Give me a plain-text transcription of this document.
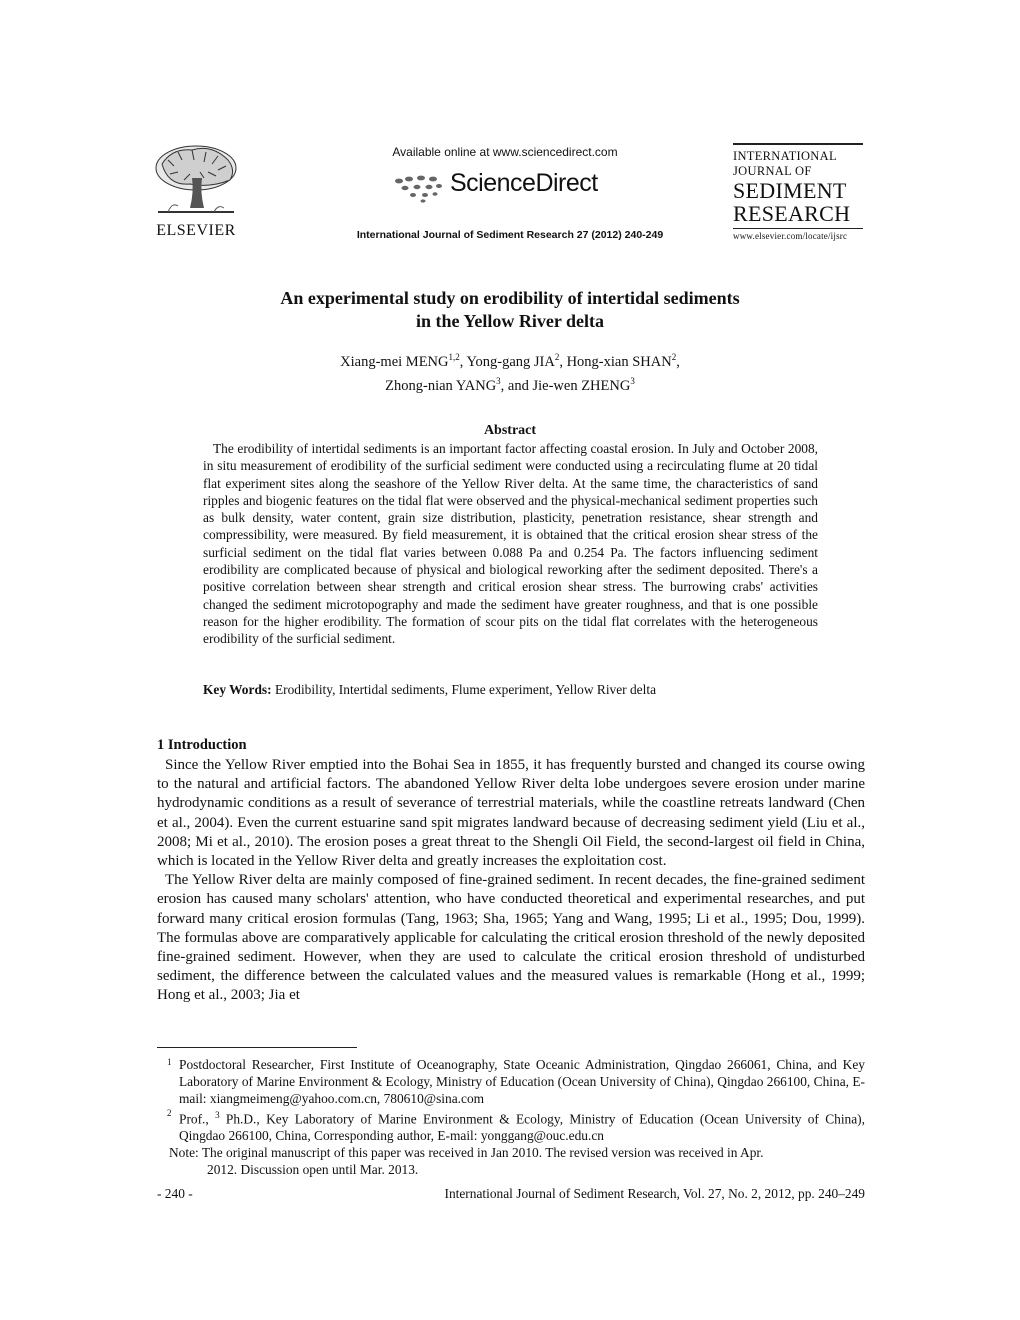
ELSEVIER
Available online at www.sciencedirect.com
ScienceDirect
International Journal of Sediment Research 27 (2012) 240-249
INTERNATIONAL
JOURNAL OF
SEDIMENT
RESEARCH
www.elsevier.com/locate/ijsrc
An experimental study on erodibility of intertidal sediments
in the Yellow River delta
Xiang-mei MENG$^{1,2}$, Yong-gang JIA$^2$, Hong-xian SHAN$^2$,
Zhong-nian YANG$^3$, and Jie-wen ZHENG$^3$
Abstract
The erodibility of intertidal sediments is an important factor affecting coastal erosion. In July and October 2008, in situ measurement of erodibility of the surficial sediment were conducted using a recirculating flume at 20 tidal flat experiment sites along the seashore of the Yellow River delta. At the same time, the characteristics of sand ripples and biogenic features on the tidal flat were observed and the physical-mechanical sediment properties such as bulk density, water content, grain size distribution, plasticity, penetration resistance, shear strength and compressibility, were measured. By field measurement, it is obtained that the critical erosion shear stress of the surficial sediment on the tidal flat varies between 0.088 Pa and 0.254 Pa. The factors influencing sediment erodibility are complicated because of physical and biological reworking after the sediment deposited. There's a positive correlation between shear strength and critical erosion shear stress. The burrowing crabs' activities changed the sediment microtopography and made the sediment have greater roughness, and that is one possible reason for the higher erodibility. The formation of scour pits on the tidal flat correlates with the heterogeneous erodibility of the surficial sediment.
Key Words: Erodibility, Intertidal sediments, Flume experiment, Yellow River delta
1 Introduction

Since the Yellow River emptied into the Bohai Sea in 1855, it has frequently bursted and changed its course owing to the natural and artificial factors. The abandoned Yellow River delta lobe undergoes severe erosion under marine hydrodynamic conditions as a result of severance of terrestrial materials, while the coastline retreats landward (Chen et al., 2004). Even the current estuarine sand spit migrates landward because of decreasing sediment yield (Liu et al., 2008; Mi et al., 2010). The erosion poses a great threat to the Shengli Oil Field, the second-largest oil field in China, which is located in the Yellow River delta and greatly increases the exploitation cost.

The Yellow River delta are mainly composed of fine-grained sediment. In recent decades, the fine-grained sediment erosion has caused many scholars' attention, who have conducted theoretical and experimental researches, and put forward many critical erosion formulas (Tang, 1963; Sha, 1965; Yang and Wang, 1995; Li et al., 1995; Dou, 1999). The formulas above are comparatively applicable for calculating the critical erosion threshold of the newly deposited fine-grained sediment. However, when they are used to calculate the critical erosion threshold of undisturbed sediment, the difference between the calculated values and the measured values is remarkable (Hong et al., 1999; Hong et al., 2003; Jia et

1 Postdoctoral Researcher, First Institute of Oceanography, State Oceanic Administration, Qingdao 266061, China, and Key Laboratory of Marine Environment & Ecology, Ministry of Education (Ocean University of China), Qingdao 266100, China, E-mail: xiangmeimeng@yahoo.com.cn, 780610@sina.com
2 Prof., $^3$ Ph.D., Key Laboratory of Marine Environment & Ecology, Ministry of Education (Ocean University of China), Qingdao 266100, China, Corresponding author, E-mail: yonggang@ouc.edu.cn
Note: The original manuscript of this paper was received in Jan 2010. The revised version was received in Apr.
2012. Discussion open until Mar. 2013.
- 240 -	International Journal of Sediment Research, Vol. 27, No. 2, 2012, pp. 240–249
